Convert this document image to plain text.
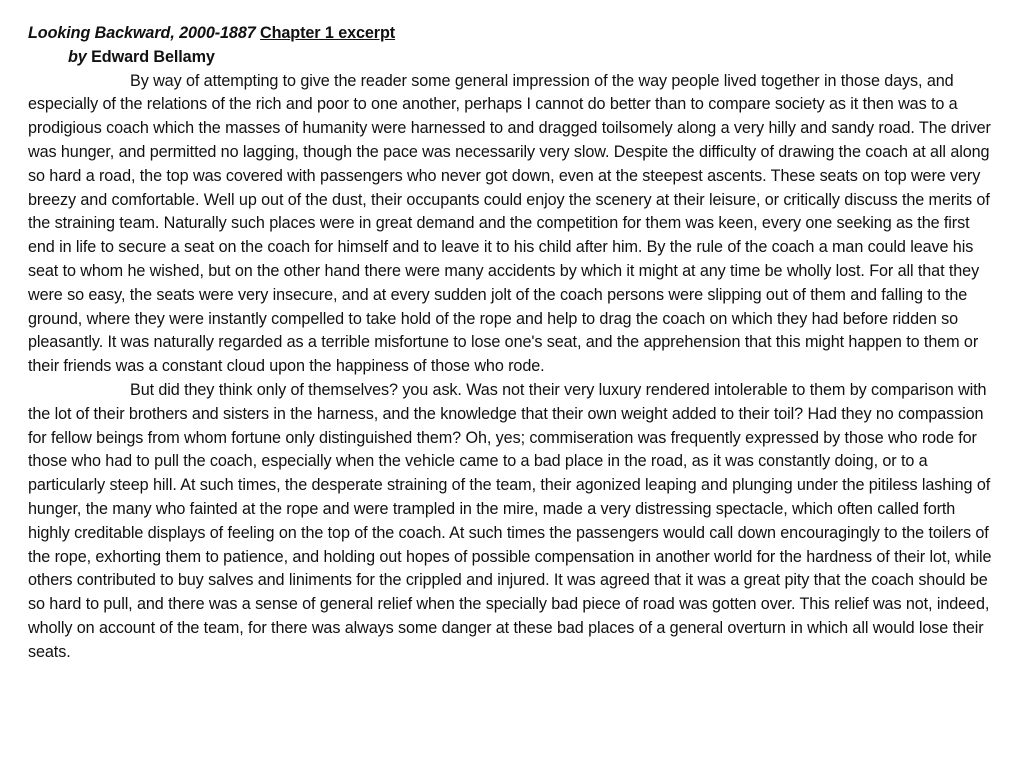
Looking Backward, 2000-1887 Chapter 1 excerpt
by Edward Bellamy

By way of attempting to give the reader some general impression of the way people lived together in those days, and especially of the relations of the rich and poor to one another, perhaps I cannot do better than to compare society as it then was to a prodigious coach which the masses of humanity were harnessed to and dragged toilsomely along a very hilly and sandy road. The driver was hunger, and permitted no lagging, though the pace was necessarily very slow. Despite the difficulty of drawing the coach at all along so hard a road, the top was covered with passengers who never got down, even at the steepest ascents. These seats on top were very breezy and comfortable. Well up out of the dust, their occupants could enjoy the scenery at their leisure, or critically discuss the merits of the straining team. Naturally such places were in great demand and the competition for them was keen, every one seeking as the first end in life to secure a seat on the coach for himself and to leave it to his child after him. By the rule of the coach a man could leave his seat to whom he wished, but on the other hand there were many accidents by which it might at any time be wholly lost. For all that they were so easy, the seats were very insecure, and at every sudden jolt of the coach persons were slipping out of them and falling to the ground, where they were instantly compelled to take hold of the rope and help to drag the coach on which they had before ridden so pleasantly. It was naturally regarded as a terrible misfortune to lose one's seat, and the apprehension that this might happen to them or their friends was a constant cloud upon the happiness of those who rode.

But did they think only of themselves? you ask. Was not their very luxury rendered intolerable to them by comparison with the lot of their brothers and sisters in the harness, and the knowledge that their own weight added to their toil? Had they no compassion for fellow beings from whom fortune only distinguished them? Oh, yes; commiseration was frequently expressed by those who rode for those who had to pull the coach, especially when the vehicle came to a bad place in the road, as it was constantly doing, or to a particularly steep hill. At such times, the desperate straining of the team, their agonized leaping and plunging under the pitiless lashing of hunger, the many who fainted at the rope and were trampled in the mire, made a very distressing spectacle, which often called forth highly creditable displays of feeling on the top of the coach. At such times the passengers would call down encouragingly to the toilers of the rope, exhorting them to patience, and holding out hopes of possible compensation in another world for the hardness of their lot, while others contributed to buy salves and liniments for the crippled and injured. It was agreed that it was a great pity that the coach should be so hard to pull, and there was a sense of general relief when the specially bad piece of road was gotten over. This relief was not, indeed, wholly on account of the team, for there was always some danger at these bad places of a general overturn in which all would lose their seats.
